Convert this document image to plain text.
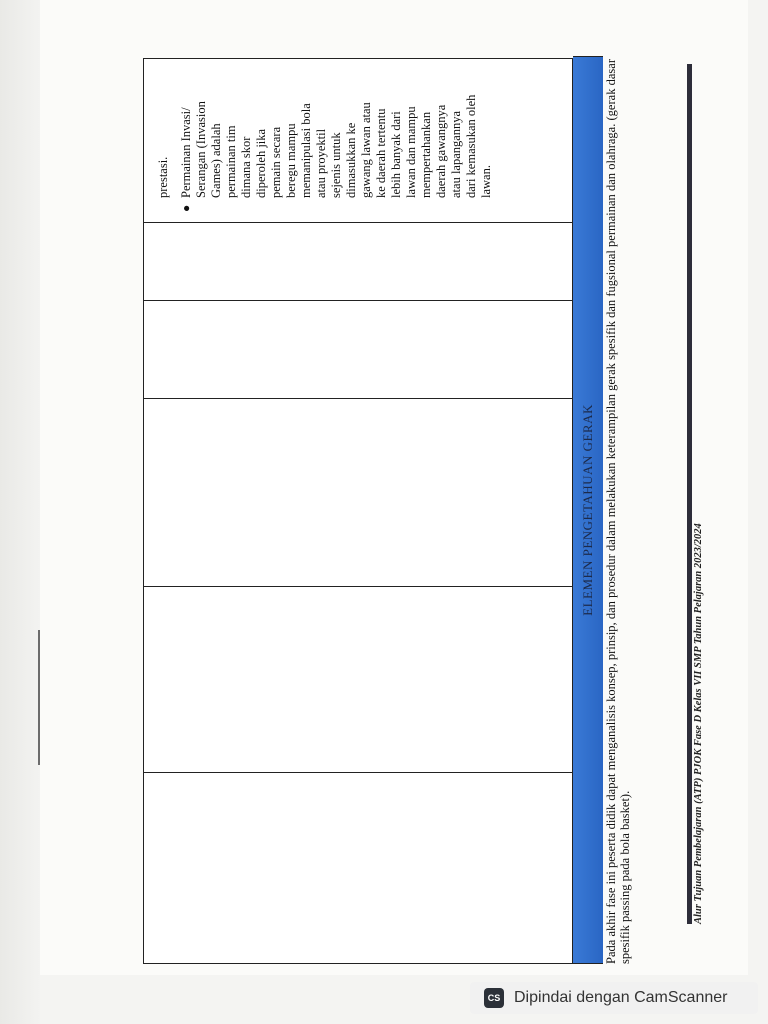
prestasi.
●
Permainan Invasi/ Serangan (Invasion Games) adalah permainan tim dimana skor diperoleh jika pemain secara beregu mampu memanipulasi bola atau proyektil sejenis untuk dimasukkan ke gawang lawan atau ke daerah tertentu lebih banyak dari lawan dan mampu mempertahankan daerah gawangnya atau lapangannya dari kemasukan oleh lawan.
ELEMEN PENGETAHUAN GERAK Pada akhir fase ini peserta didik dapat menganalisis konsep, prinsip, dan prosedur dalam melakukan keterampilan gerak spesifik dan fugsional permainan dan olahraga. (gerak dasar spesifik passing pada bola basket).	Alur Tujuan Pembelajaran (ATP) PJOK Fase D Kelas VII SMP Tahun Pelajaran 2023/2024
CS Dipindai dengan CamScanner
